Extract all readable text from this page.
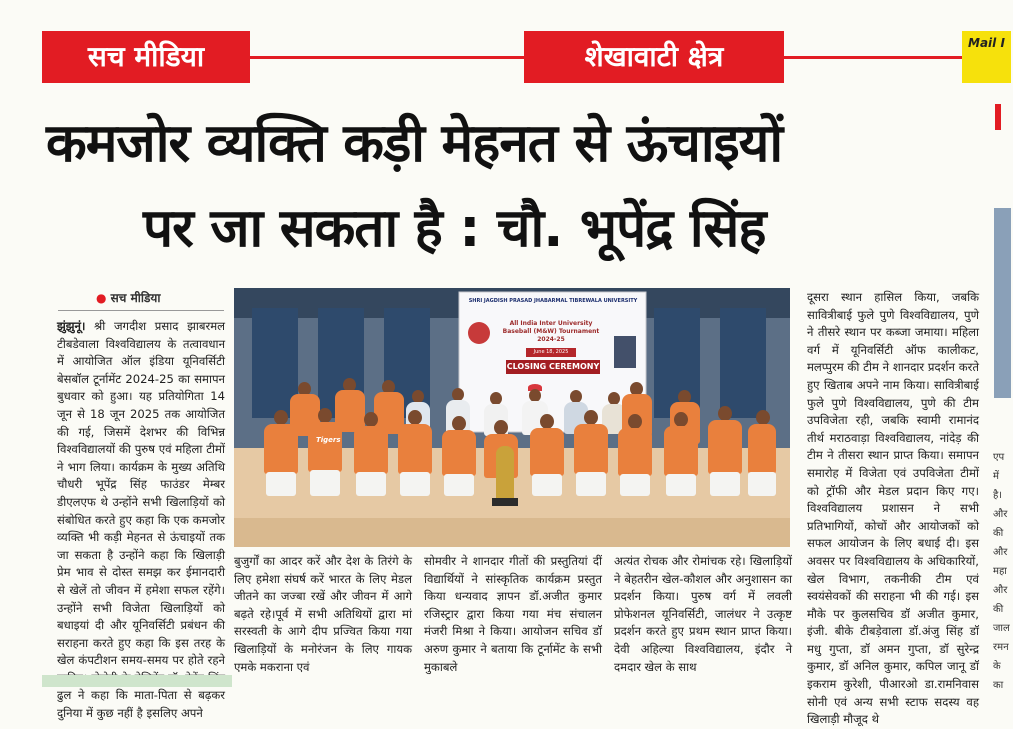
सच मीडिया	शेखावाटी क्षेत्र	Mail I
कमजोर व्यक्ति कड़ी मेहनत से ऊंचाइयों
पर जा सकता है : चौ. भूपेंद्र सिंह
● सच मीडिया

झुंझुनूं। श्री जगदीश प्रसाद झाबरमल टीबडेवाला विश्वविद्यालय के तत्वावधान में आयोजित ऑल इंडिया यूनिवर्सिटी बेसबॉल टूर्नामेंट 2024-25 का समापन बुधवार को हुआ। यह प्रतियोगिता 14 जून से 18 जून 2025 तक आयोजित की गई, जिसमें देशभर की विभिन्न विश्वविद्यालयों की पुरुष एवं महिला टीमों ने भाग लिया। कार्यक्रम के मुख्य अतिथि चौधरी भूपेंद्र सिंह फाउंडर मेम्बर डीएलएफ थे उन्होंने सभी खिलाड़ियों को संबोधित करते हुए कहा कि एक कमजोर व्यक्ति भी कड़ी मेहनत से ऊंचाइयों तक जा सकता है उन्होंने कहा कि खिलाड़ी प्रेम भाव से दोस्त समझ कर ईमानदारी से खेलें तो जीवन में हमेशा सफल रहेंगे। उन्होंने सभी विजेता खिलाड़ियों को बधाइयां दी और यूनिवर्सिटी प्रबंधन की सराहना करते हुए कहा कि इस तरह के खेल कंपटीशन समय-समय पर होते रहने ढुल ने कहा कि माता-पिता से बढ़कर दुनिया में कुछ नहीं है इसलिए अपने

SHRI JAGDISH PRASAD JHABARMAL TIBREWALA UNIVERSITY
All India Inter University Baseball (M&W) Tournament 2024-25
June 18, 2025
CLOSING CEREMONY
Tigers

बुजुर्गों का आदर करें और देश के तिरंगे के लिए हमेशा संघर्ष करें भारत के लिए मेडल जीतने का जज्बा रखें और जीवन में आगे बढ़ते रहे।पूर्व में सभी अतिथियों द्वारा मां सरस्वती के आगे दीप प्रज्वित किया गया खिलाड़ियों के मनोरंजन के लिए गायक एमके मकराना एवं

सोमवीर ने शानदार गीतों की प्रस्तुतियां दीं विद्यार्थियों ने सांस्कृतिक कार्यक्रम प्रस्तुत किया धन्यवाद ज्ञापन डॉ.अजीत कुमार रजिस्ट्रार द्वारा किया गया मंच संचालन मंजरी मिश्रा ने किया। आयोजन सचिव डॉ अरुण कुमार ने बताया कि टूर्नामेंट के सभी मुकाबले

अत्यंत रोचक और रोमांचक रहे। खिलाड़ियों ने बेहतरीन खेल-कौशल और अनुशासन का प्रदर्शन किया। पुरुष वर्ग में लवली प्रोफेशनल यूनिवर्सिटी, जालंधर ने उत्कृष्ट प्रदर्शन करते हुए प्रथम स्थान प्राप्त किया। देवी अहिल्या विश्वविद्यालय, इंदौर ने दमदार खेल के साथ

दूसरा स्थान हासिल किया, जबकि सावित्रीबाई फुले पुणे विश्वविद्यालय, पुणे ने तीसरे स्थान पर कब्जा जमाया। महिला वर्ग में यूनिवर्सिटी ऑफ कालीकट, मलप्पुरम की टीम ने शानदार प्रदर्शन करते हुए खिताब अपने नाम किया। सावित्रीबाई फुले पुणे विश्वविद्यालय, पुणे की टीम उपविजेता रही, जबकि स्वामी रामानंद तीर्थ मराठवाड़ा विश्वविद्यालय, नांदेड़ की टीम ने तीसरा स्थान प्राप्त किया। समापन समारोह में विजेता एवं उपविजेता टीमों को ट्रॉफी और मेडल प्रदान किए गए। विश्वविद्यालय प्रशासन ने सभी प्रतिभागियों, कोचों और आयोजकों को सफल आयोजन के लिए बधाई दी। इस अवसर पर विश्वविद्यालय के अधिकारियों, खेल विभाग, तकनीकी टीम एवं स्वयंसेवकों की सराहना भी की गई। इस मौके पर कुलसचिव डॉ अजीत कुमार, इंजी. बीके टीबड़ेवाला डॉ.अंजु सिंह डॉ मधु गुप्ता, डॉ अमन गुप्ता, डॉ सुरेन्द्र कुमार, डॉ अनिल कुमार, कपिल जानू डॉ इकराम कुरेशी, पीआरओ डा.रामनिवास सोनी एवं अन्य सभी स्टाफ सदस्य वह खिलाड़ी मौजूद थे

एप
में
है।
और
की
और
महा
और
की
जाल
रमन
के
का
